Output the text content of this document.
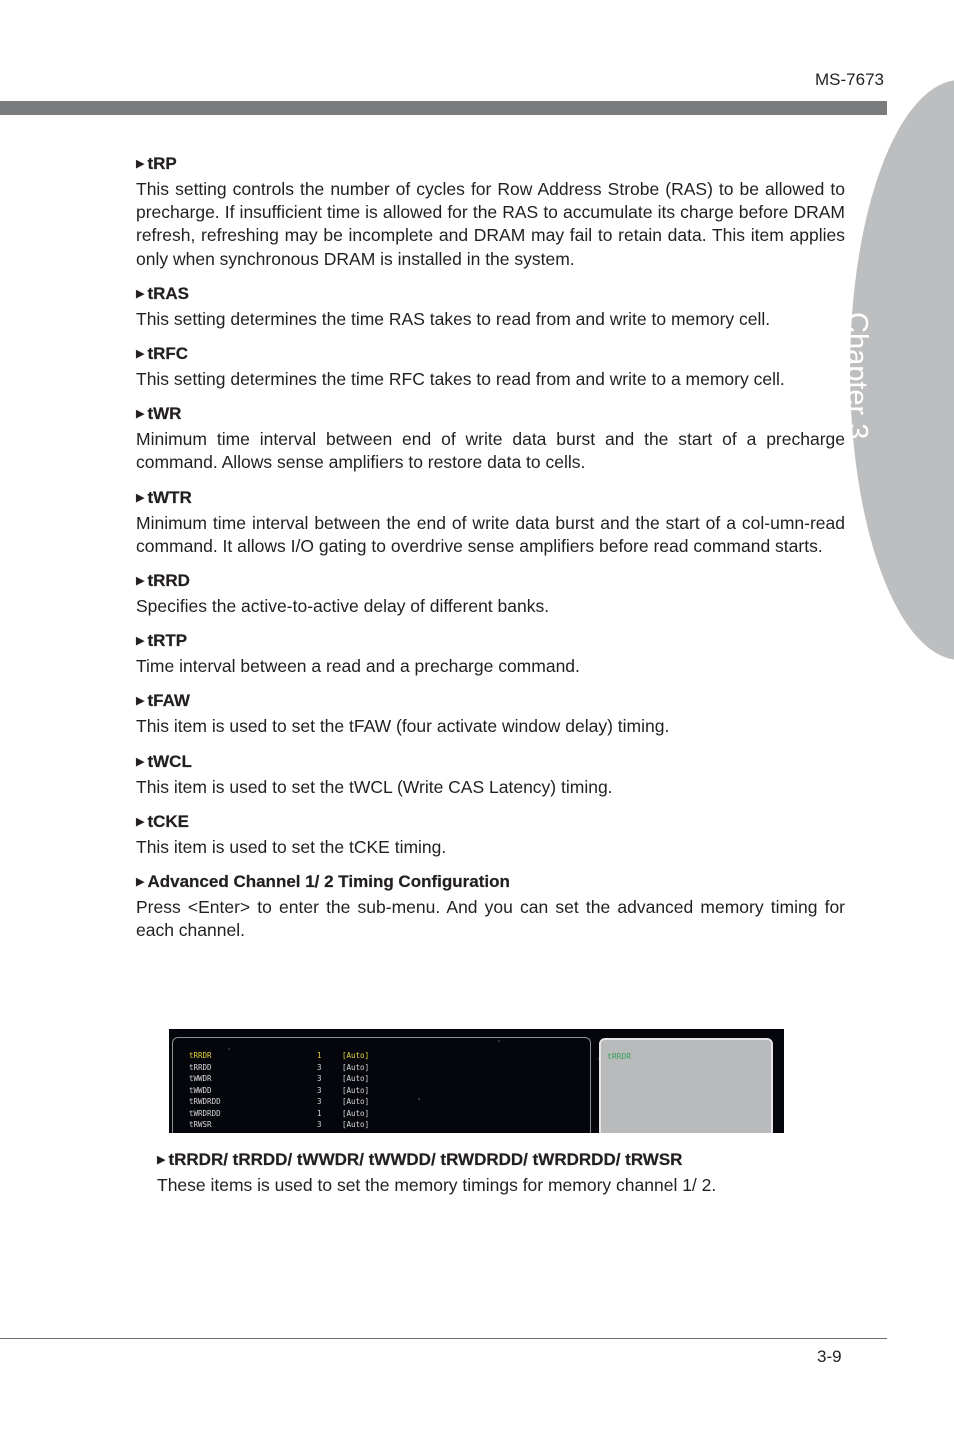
MS-7673
Chapter 3
▶ tRP
This setting controls the number of cycles for Row Address Strobe (RAS) to be allowed to precharge. If insufficient time is allowed for the RAS to accumulate its charge before DRAM refresh, refreshing may be incomplete and DRAM may fail to retain data. This item applies only when synchronous DRAM is installed in the system.
▶ tRAS
This setting determines the time RAS takes to read from and write to memory cell.
▶ tRFC
This setting determines the time RFC takes to read from and write to a memory cell.
▶ tWR
Minimum time interval between end of write data burst and the start of a precharge command. Allows sense amplifiers to restore data to cells.
▶ tWTR
Minimum time interval between the end of write data burst and the start of a col-umn-read command. It allows I/O gating to overdrive sense amplifiers before read command starts.
▶ tRRD
Specifies the active-to-active delay of different banks.
▶ tRTP
Time interval between a read and a precharge command.
▶ tFAW
This item is used to set the tFAW (four activate window delay) timing.
▶ tWCL
This item is used to set the tWCL (Write CAS Latency) timing.
▶ tCKE
This item is used to set the tCKE timing.
▶ Advanced Channel 1/ 2 Timing Configuration
Press <Enter> to enter the sub-menu. And you can set the advanced memory timing for each channel.
tRRDR	1	[Auto]
tRRDD	3	[Auto]
tWWDR	3	[Auto]
tWWDD	3	[Auto]
tRWDRDD	3	[Auto]
tWRDRDD	1	[Auto]
tRWSR	3	[Auto]
tRRDR
▶ tRRDR/ tRRDD/ tWWDR/ tWWDD/ tRWDRDD/ tWRDRDD/ tRWSR
These items is used to set the memory timings for memory channel 1/ 2.
3-9
